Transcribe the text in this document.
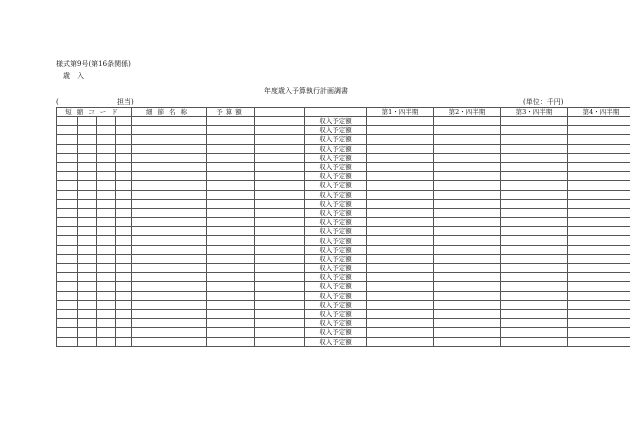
様式第9号(第16条関係)
歳　入
年度歳入予算執行計画調書
(	担当)	(単位：千円)
短縮コード				細節名称	予算額			第1・四半期	第2・四半期	第3・四半期	第4・四半期
							収入予定額				
							収入予定額				
							収入予定額				
							収入予定額				
							収入予定額				
							収入予定額				
							収入予定額				
							収入予定額				
							収入予定額				
							収入予定額				
							収入予定額				
							収入予定額				
							収入予定額				
							収入予定額				
							収入予定額				
							収入予定額				
							収入予定額				
							収入予定額				
							収入予定額				
							収入予定額				
							収入予定額				
							収入予定額				
							収入予定額				
							収入予定額				
							収入予定額				
